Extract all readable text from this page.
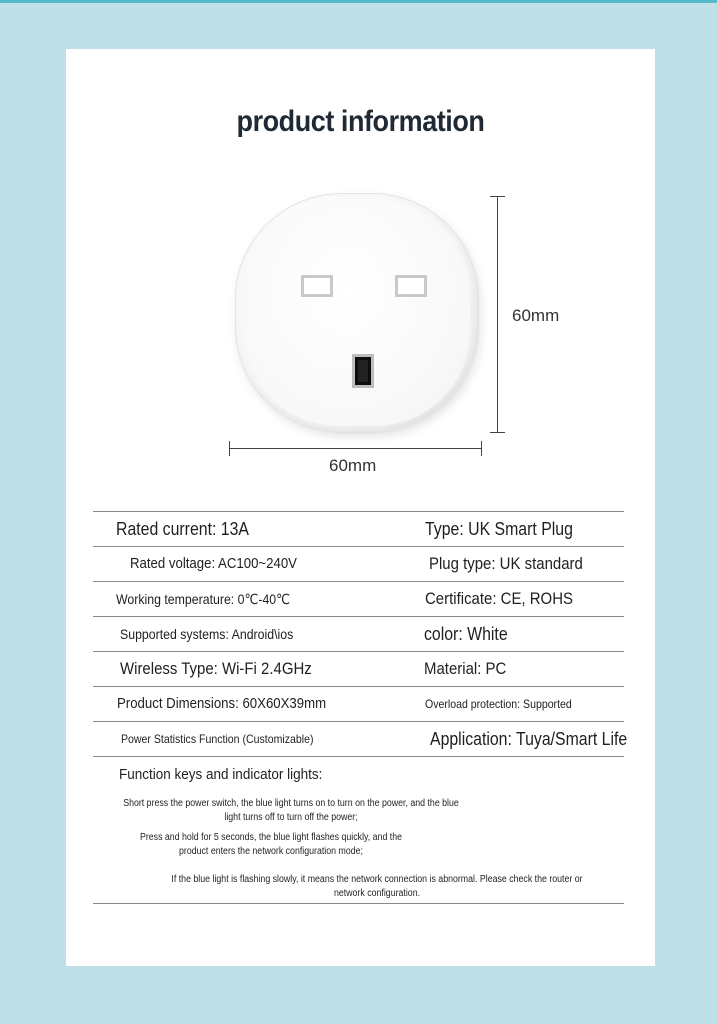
product information
60mm
60mm
Rated current: 13A	Type: UK Smart Plug
Rated voltage: AC100~240V	Plug type: UK standard
Working temperature: 0℃-40℃	Certificate: CE, ROHS
Supported systems: Android\ios	color: White
Wireless Type: Wi-Fi 2.4GHz	Material: PC
Product Dimensions: 60X60X39mm	Overload protection: Supported
Power Statistics Function (Customizable)	Application: Tuya/Smart Life
Function keys and indicator lights:
Short press the power switch, the blue light turns on to turn on the power, and the blue light turns off to turn off the power;
Press and hold for 5 seconds, the blue light flashes quickly, and the product enters the network configuration mode;
If the blue light is flashing slowly, it means the network connection is abnormal. Please check the router or network configuration.
